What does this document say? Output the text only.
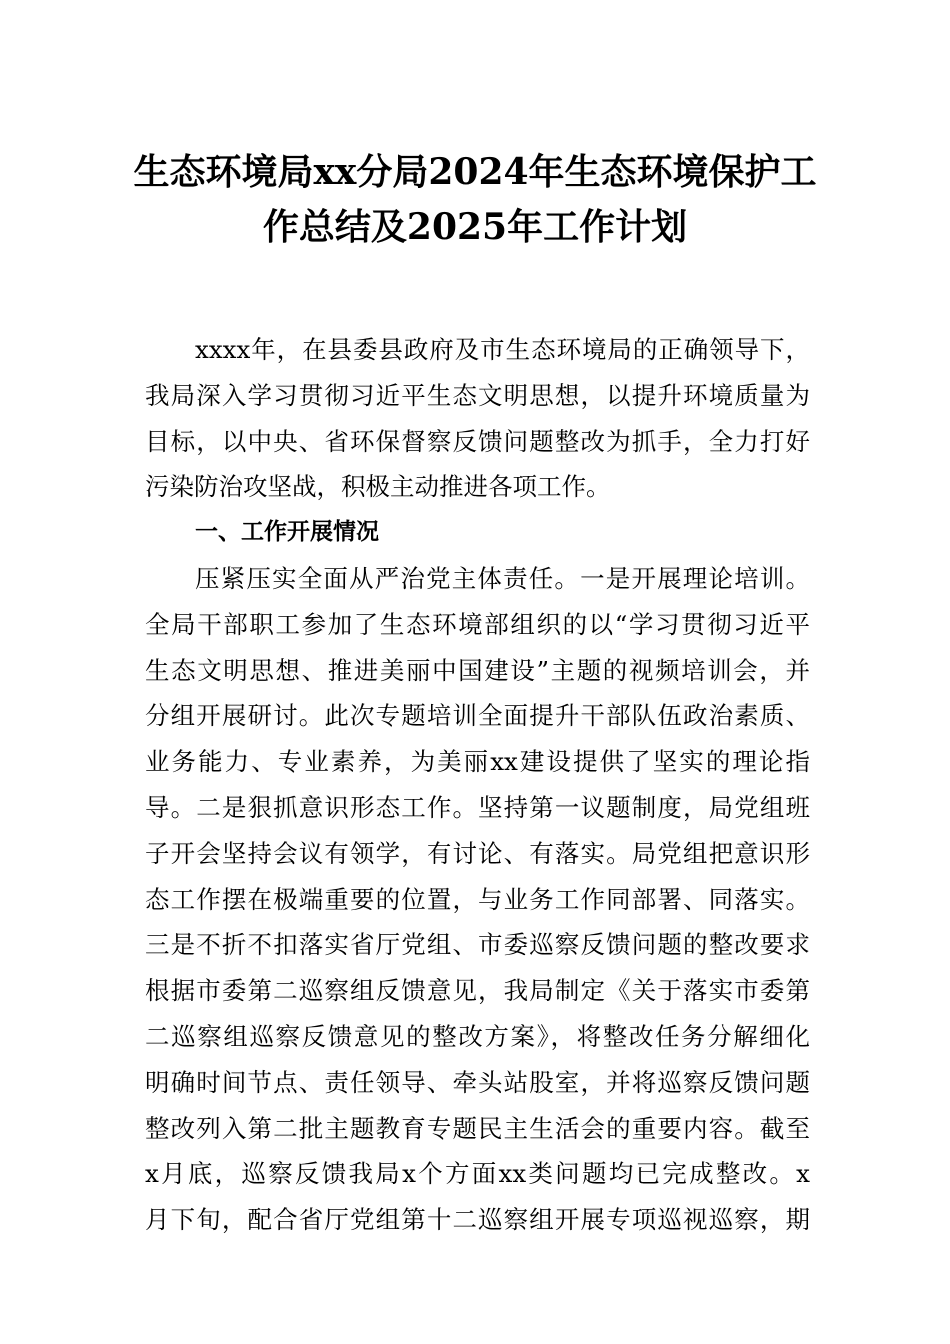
生态环境局xx分局2024年生态环境保护工
作总结及2025年工作计划
xxxx年，在县委县政府及市生态环境局的正确领导下，
我局深入学习贯彻习近平生态文明思想，以提升环境质量为
目标，以中央、省环保督察反馈问题整改为抓手，全力打好
污染防治攻坚战，积极主动推进各项工作。
一、工作开展情况
压紧压实全面从严治党主体责任。一是开展理论培训。
全局干部职工参加了生态环境部组织的以“学习贯彻习近平
生态文明思想、推进美丽中国建设”主题的视频培训会，并
分组开展研讨。此次专题培训全面提升干部队伍政治素质、
业务能力、专业素养，为美丽xx建设提供了坚实的理论指
导。二是狠抓意识形态工作。坚持第一议题制度，局党组班
子开会坚持会议有领学，有讨论、有落实。局党组把意识形
态工作摆在极端重要的位置，与业务工作同部署、同落实。
三是不折不扣落实省厅党组、市委巡察反馈问题的整改要求
根据市委第二巡察组反馈意见，我局制定《关于落实市委第
二巡察组巡察反馈意见的整改方案》，将整改任务分解细化
明确时间节点、责任领导、牵头站股室，并将巡察反馈问题
整改列入第二批主题教育专题民主生活会的重要内容。截至
x月底，巡察反馈我局x个方面xx类问题均已完成整改。x
月下旬，配合省厅党组第十二巡察组开展专项巡视巡察，期
